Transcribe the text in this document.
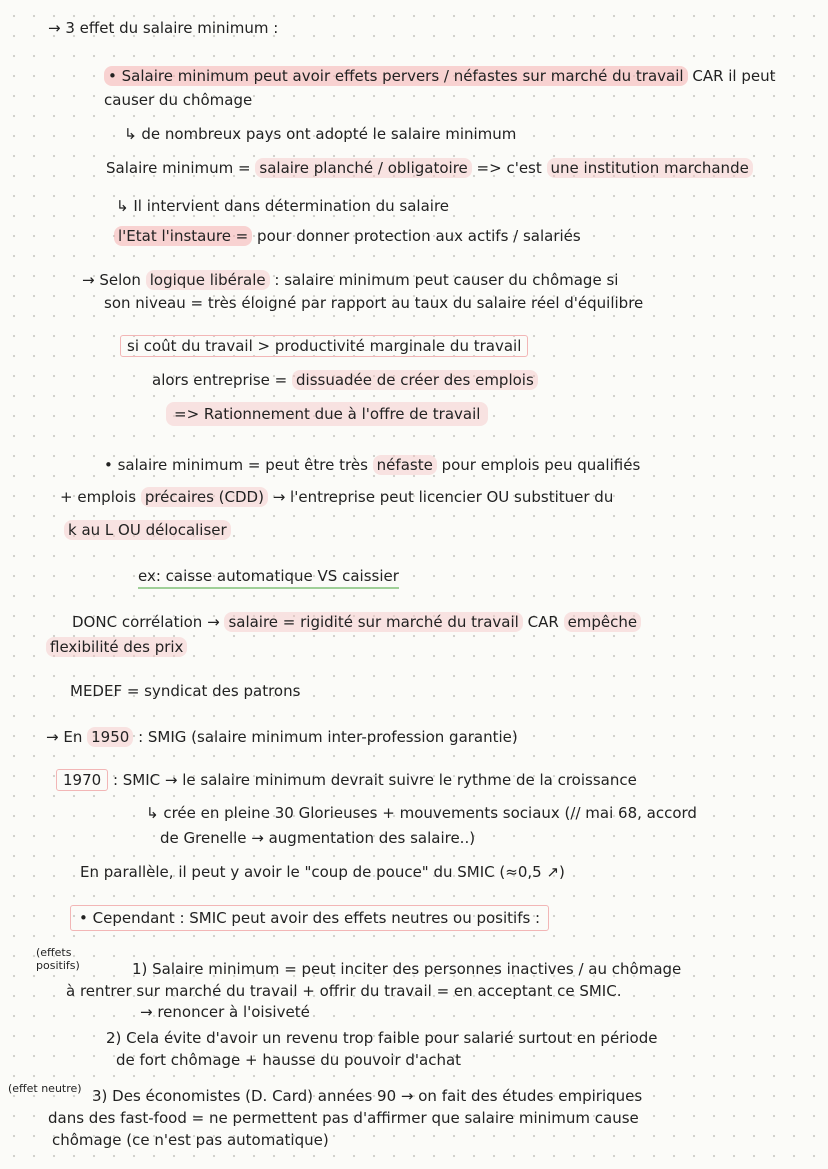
→ 3 effet du salaire minimum :
• Salaire minimum peut avoir effets pervers / néfastes sur marché du travail CAR il peut
causer du chômage
↳ de nombreux pays ont adopté le salaire minimum
Salaire minimum = salaire planché / obligatoire => c'est une institution marchande
↳ Il intervient dans détermination du salaire
l'Etat l'instaure = pour donner protection aux actifs / salariés
→ Selon logique libérale : salaire minimum peut causer du chômage si
son niveau = très éloigné par rapport au taux du salaire réel d'équilibre
si coût du travail > productivité marginale du travail
alors entreprise = dissuadée de créer des emplois
=> Rationnement due à l'offre de travail
• salaire minimum = peut être très néfaste pour emplois peu qualifiés
+ emplois précaires (CDD) → l'entreprise peut licencier OU substituer du
k au L OU délocaliser
ex: caisse automatique VS caissier
DONC corrélation → salaire = rigidité sur marché du travail CAR empêche
flexibilité des prix
MEDEF = syndicat des patrons
→ En 1950 : SMIG (salaire minimum inter-profession garantie)
1970 : SMIC → le salaire minimum devrait suivre le rythme de la croissance
↳ crée en pleine 30 Glorieuses + mouvements sociaux (// mai 68, accord
de Grenelle → augmentation des salaire..)
En parallèle, il peut y avoir le "coup de pouce" du SMIC (≈0,5 ↗)
• Cependant : SMIC peut avoir des effets neutres ou positifs :
(effets positifs)	1) Salaire minimum = peut inciter des personnes inactives / au chômage
à rentrer sur marché du travail + offrir du travail = en acceptant ce SMIC.
→ renoncer à l'oisiveté
2) Cela évite d'avoir un revenu trop faible pour salarié surtout en période
de fort chômage + hausse du pouvoir d'achat
(effet neutre) 3) Des économistes (D. Card) années 90 → on fait des études empiriques
dans des fast-food = ne permettent pas d'affirmer que salaire minimum cause
chômage (ce n'est pas automatique)
